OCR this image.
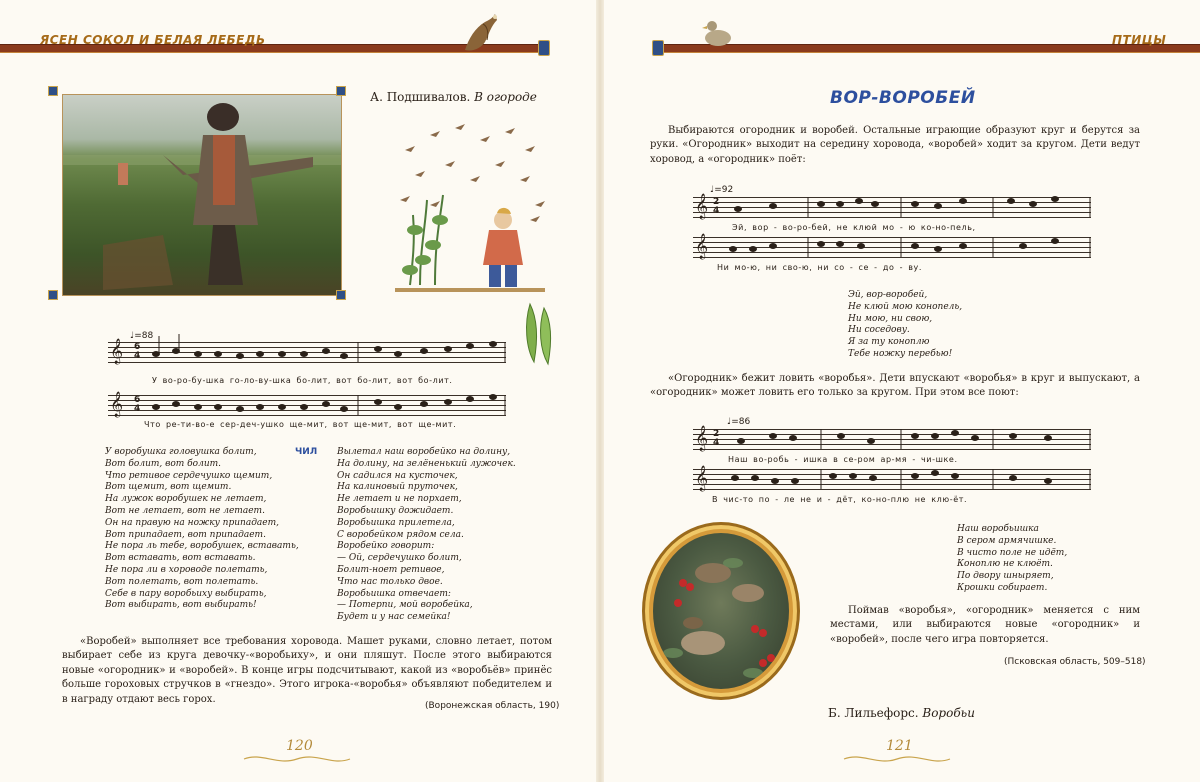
ЯСЕН СОКОЛ И БЕЛАЯ ЛЕБЕДЬ
А. Подшивалов. В огороде
♩=88
𝄞 6
4
У во-ро-бу-шка го-ло-ву-шка бо-лит, вот бо-лит, вот бо-лит.
𝄞 6
4
Что ре-ти-во-е сер-деч-ушко ще-мит, вот ще-мит, вот ще-мит.
У воробушка головушка болит,
Вот болит, вот болит.
Что ретивое сердечушко щемит,
Вот щемит, вот щемит.
На лужок воробушек не летает,
Вот не летает, вот не летает.
Он на правую на ножку припадает,
Вот припадает, вот припадает.
Не пора ль тебе, воробушек, вставать,
Вот вставать, вот вставать.
Не пора ли в хороводе полетать,
Вот полетать, вот полетать.
Себе в пару воробьиху выбирать,
Вот выбирать, вот выбирать!
ЧИЛ Вылетал наш воробейко на долину,
На долину, на зелёненький лужочек.
Он садился на кусточек,
На калиновый пруточек,
Не летает и не порхает,
Воробьишку дожидает.
Воробьишка прилетела,
С воробейком рядом села.
Воробейко говорит:
— Ой, сердечушко болит,
Болит-ноет ретивое,
Что нас только двое.
Воробьишка отвечает:
— Потерпи, мой воробейка,
Будет и у нас семейка!
«Воробей» выполняет все требования хоровода. Машет руками, словно летает, потом выбирает себе из круга девочку-«воробьиху», и они пляшут. После этого выбираются новые «огородник» и «воробей». В конце игры подсчитывают, какой из «воробьёв» принёс больше гороховых стручков в «гнездо». Этого игрока-«воробья» объявляют победителем и в награду отдают весь горох.
(Воронежская область, 190)
120
ПТИЦЫ
ВОР-ВОРОБЕЙ
Выбираются огородник и воробей. Остальные играющие образуют круг и берутся за руки. «Огородник» выходит на середину хоровода, «воробей» ходит за кругом. Дети ведут хоровод, а «огородник» поёт:
♩=92
𝄞 2
4
Эй, вор - во-ро-бей, не клюй мо - ю ко-но-пель,
𝄞
Ни мо-ю, ни сво-ю, ни со - се - до - ву.
Эй, вор-воробей,
Не клюй мою конопель,
Ни мою, ни свою,
Ни соседову.
Я за ту коноплю
Тебе ножку перебью!
«Огородник» бежит ловить «воробья». Дети впускают «воробья» в круг и выпускают, а «огородник» может ловить его только за кругом. При этом все поют:
♩=86
𝄞 2
4
Наш во-робь - ишка в се-ром ар-мя - чи-шке.
𝄞
В чис-то по - ле не и - дёт, ко-но-плю не клю-ёт.
Наш воробьишка
В сером армячишке.
В чисто поле не идёт,
Коноплю не клюёт.
По двору шныряет,
Крошки собирает.
Поймав «воробья», «огородник» меняется с ним местами, или выбираются новые «огородник» и «воробей», после чего игра повторяется.
(Псковская область, 509–518)
Б. Лильефорс. Воробьи
121
